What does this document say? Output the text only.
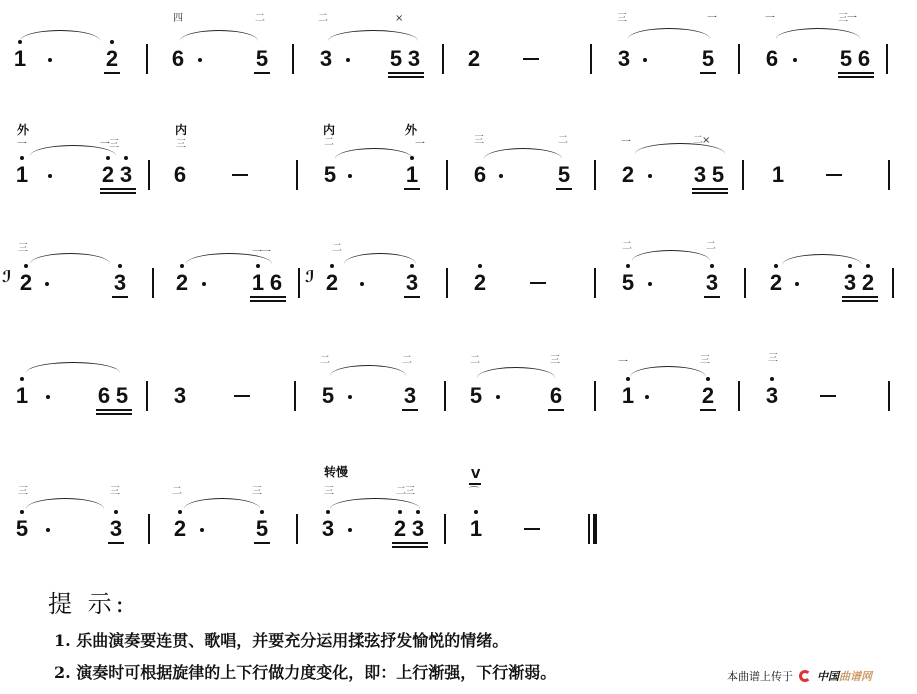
1	2
四	二
6	5
二	×
3	5 3 2
三	一
3	5
一	三一
6	5 6
外	内	内	外
一	一三
1	2 3
三
6
二	一
5	1
三	二
6	5
一	二×
2	3 5 1
ℐ
三
2	3
一一
2	1 6 ℐ
二
2	3	2
二	二
5	3 2	3 2
1	6 5 3
二	二
5	3
二	三
5	6
一	三
1	2
三
3
转慢
三	三
5	3
二	三
2	5
三	二三
3	2 3
V
⌒
1
提 示:
1. 乐曲演奏要连贯、歌唱，并要充分运用揉弦抒发愉悦的情绪。
2. 演奏时可根据旋律的上下行做力度变化，即：上行渐强，下行渐弱。	本曲谱上传于 中国 曲谱网
